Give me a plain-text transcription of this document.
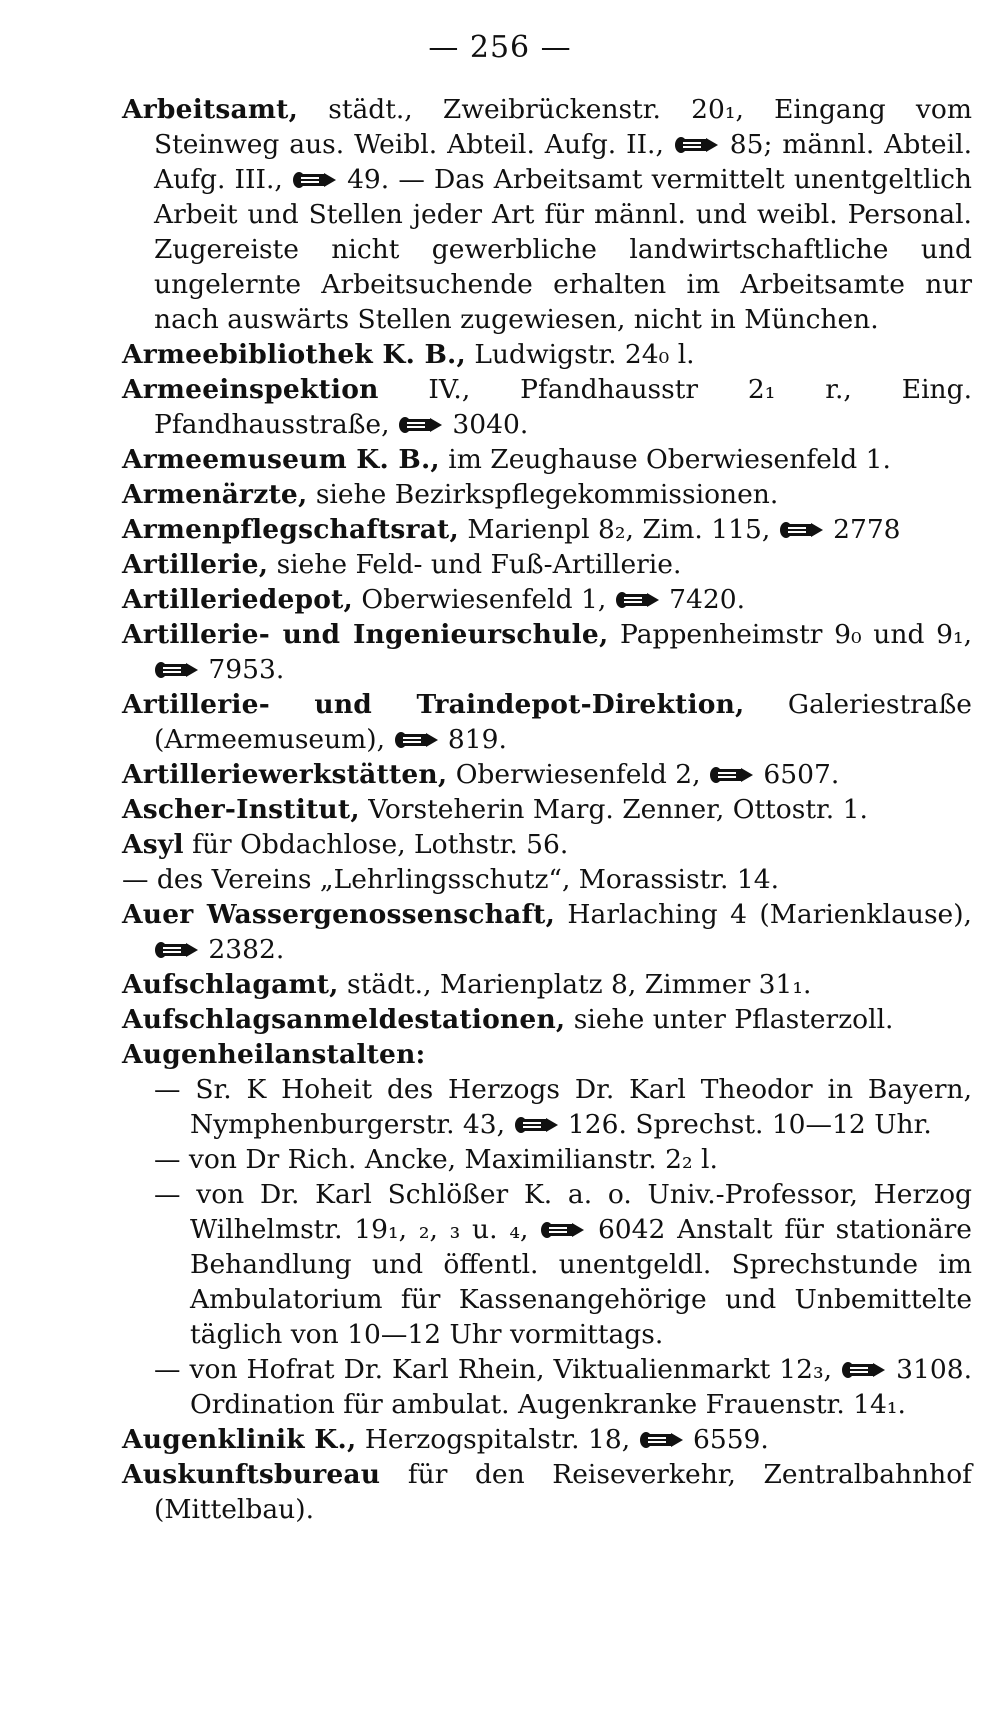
— 256 —

Arbeitsamt, städt., Zweibrückenstr. 20₁, Eingang vom Steinweg aus. Weibl. Abteil. Aufg. II.,
85; männl. Abteil. Aufg. III.,
49. — Das Arbeitsamt vermittelt unentgeltlich Arbeit und Stellen jeder Art für männl. und weibl. Personal. Zugereiste nicht gewerbliche landwirtschaftliche und ungelernte Arbeitsuchende erhalten im Arbeitsamte nur nach auswärts Stellen zugewiesen, nicht in München.

Armeebibliothek K. B., Ludwigstr. 24₀ l.

Armeeinspektion IV., Pfandhausstr 2₁ r., Eing. Pfandhausstraße,
3040.

Armeemuseum K. B., im Zeughause Oberwiesenfeld 1.

Armenärzte, siehe Bezirkspflegekommissionen.

Armenpflegschaftsrat, Marienpl 8₂, Zim. 115,
2778

Artillerie, siehe Feld- und Fuß-Artillerie.

Artilleriedepot, Oberwiesenfeld 1,
7420.

Artillerie- und Ingenieurschule, Pappenheimstr 9₀ und 9₁,
7953.

Artillerie- und Traindepot-Direktion, Galeriestraße (Armeemuseum),
819.

Artilleriewerkstätten, Oberwiesenfeld 2,
6507.

Ascher-Institut, Vorsteherin Marg. Zenner, Ottostr. 1.

Asyl für Obdachlose, Lothstr. 56.

— des Vereins „Lehrlingsschutz“, Morassistr. 14.

Auer Wassergenossenschaft, Harlaching 4 (Marienklause),
2382.

Aufschlagamt, städt., Marienplatz 8, Zimmer 31₁.

Aufschlagsanmeldestationen, siehe unter Pflasterzoll.

Augenheilanstalten:

— Sr. K Hoheit des Herzogs Dr. Karl Theodor in Bayern, Nymphenburgerstr. 43,
126. Sprechst. 10—12 Uhr.

— von Dr Rich. Ancke, Maximilianstr. 2₂ l.

— von Dr. Karl Schlößer K. a. o. Univ.-Professor, Herzog Wilhelmstr. 19₁, ₂, ₃ u. ₄,
6042 Anstalt für stationäre Behandlung und öffentl. unentgeldl. Sprechstunde im Ambulatorium für Kassenangehörige und Unbemittelte täglich von 10—12 Uhr vormittags.

— von Hofrat Dr. Karl Rhein, Viktualienmarkt 12₃,
3108. Ordination für ambulat. Augenkranke Frauenstr. 14₁.

Augenklinik K., Herzogspitalstr. 18,
6559.

Auskunftsbureau für den Reiseverkehr, Zentralbahnhof (Mittelbau).
